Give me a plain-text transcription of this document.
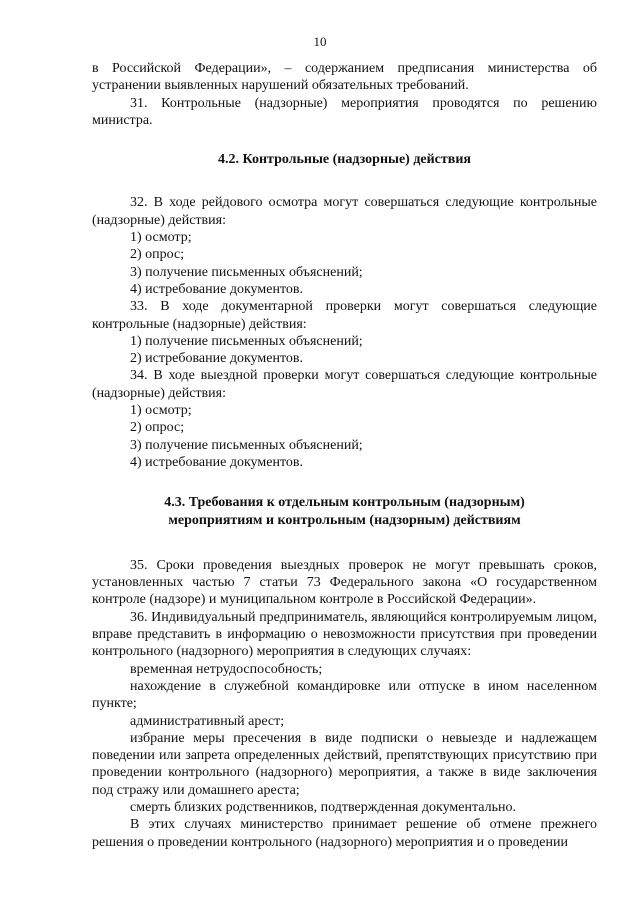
10

в Российской Федерации», – содержанием предписания министерства об устранении выявленных нарушений обязательных требований.

31. Контрольные (надзорные) мероприятия проводятся по решению министра.

4.2. Контрольные (надзорные) действия

32. В ходе рейдового осмотра могут совершаться следующие контрольные (надзорные) действия:

1) осмотр;

2) опрос;

3) получение письменных объяснений;

4) истребование документов.

33. В ходе документарной проверки могут совершаться следующие контрольные (надзорные) действия:

1) получение письменных объяснений;

2) истребование документов.

34. В ходе выездной проверки могут совершаться следующие контрольные (надзорные) действия:

1) осмотр;

2) опрос;

3) получение письменных объяснений;

4) истребование документов.

4.3. Требования к отдельным контрольным (надзорным)
мероприятиям и контрольным (надзорным) действиям

35. Сроки проведения выездных проверок не могут превышать сроков, установленных частью 7 статьи 73 Федерального закона «О государственном контроле (надзоре) и муниципальном контроле в Российской Федерации».

36. Индивидуальный предприниматель, являющийся контролируемым лицом, вправе представить в информацию о невозможности присутствия при проведении контрольного (надзорного) мероприятия в следующих случаях:

временная нетрудоспособность;

нахождение в служебной командировке или отпуске в ином населенном пункте;

административный арест;

избрание меры пресечения в виде подписки о невыезде и надлежащем поведении или запрета определенных действий, препятствующих присутствию при проведении контрольного (надзорного) мероприятия, а также в виде заключения под стражу или домашнего ареста;

смерть близких родственников, подтвержденная документально.

В этих случаях министерство принимает решение об отмене прежнего решения о проведении контрольного (надзорного) мероприятия и о проведении
